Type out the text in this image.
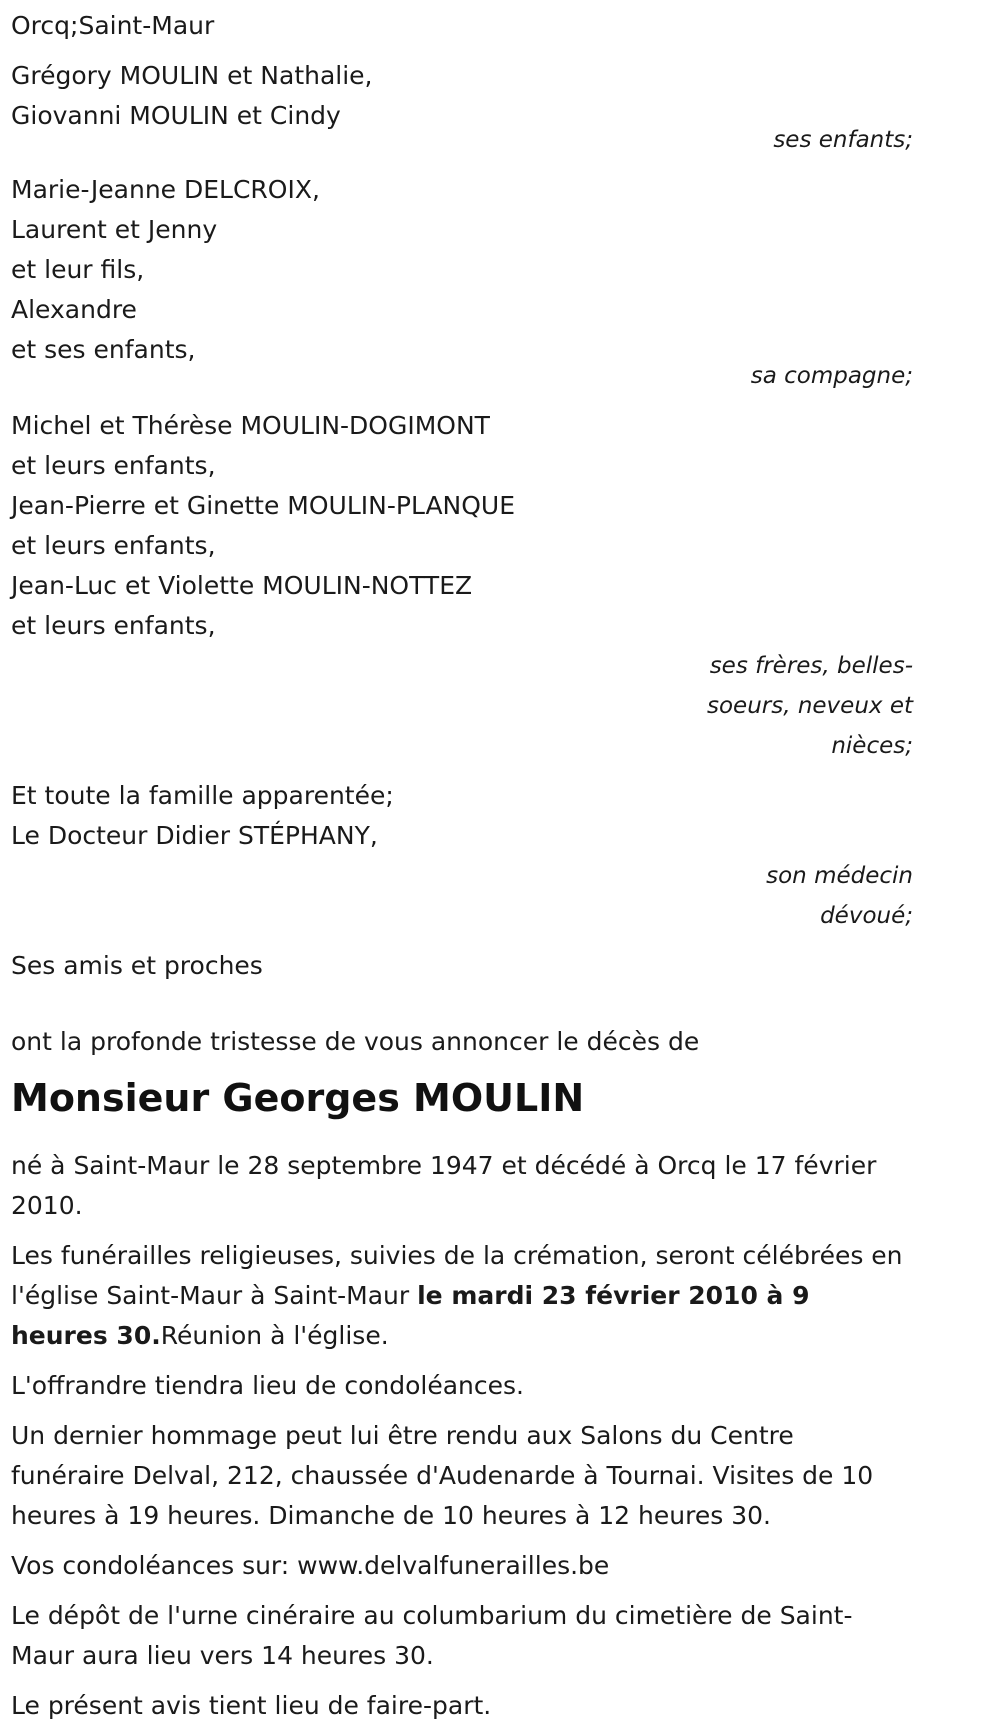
Orcq;Saint-Maur

Grégory MOULIN et Nathalie,

Giovanni MOULIN et Cindy

ses enfants;

Marie-Jeanne DELCROIX,

Laurent et Jenny

et leur fils,

Alexandre

et ses enfants,

sa compagne;

Michel et Thérèse MOULIN-DOGIMONT

et leurs enfants,

Jean-Pierre et Ginette MOULIN-PLANQUE

et leurs enfants,

Jean-Luc et Violette MOULIN-NOTTEZ

et leurs enfants,

ses frères, belles-

soeurs, neveux et

nièces;

Et toute la famille apparentée;

Le Docteur Didier STÉPHANY,

son médecin

dévoué;

Ses amis et proches

ont la profonde tristesse de vous annoncer le décès de

Monsieur Georges MOULIN

né à Saint-Maur le 28 septembre 1947 et décédé à Orcq le 17 février 2010.

Les funérailles religieuses, suivies de la crémation, seront célébrées en l'église Saint-Maur à Saint-Maur le mardi 23 février 2010 à 9 heures 30.Réunion à l'église.

L'offrandre tiendra lieu de condoléances.

Un dernier hommage peut lui être rendu aux Salons du Centre funéraire Delval, 212, chaussée d'Audenarde à Tournai. Visites de 10 heures à 19 heures. Dimanche de 10 heures à 12 heures 30.

Vos condoléances sur: www.delvalfunerailles.be

Le dépôt de l'urne cinéraire au columbarium du cimetière de Saint-Maur aura lieu vers 14 heures 30.

Le présent avis tient lieu de faire-part.
